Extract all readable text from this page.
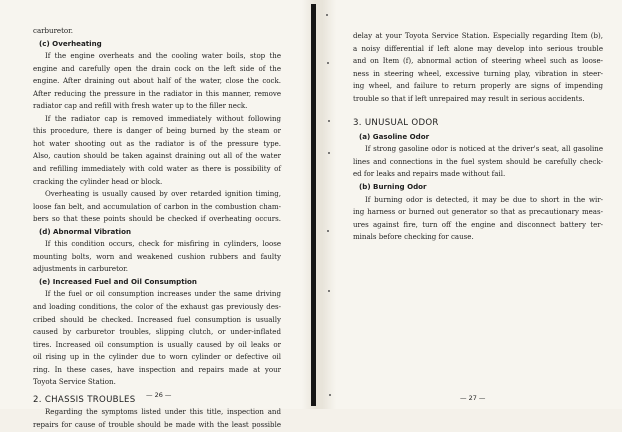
carburetor.
(c) Overheating
If the engine overheats and the cooling water boils, stop the
engine and carefully open the drain cock on the left side of the
engine. After draining out about half of the water, close the cock.
After reducing the pressure in the radiator in this manner, remove
radiator cap and refill with fresh water up to the filler neck.
If the radiator cap is removed immediately without following
this procedure, there is danger of being burned by the steam or
hot water shooting out as the radiator is of the pressure type.
Also, caution should be taken against draining out all of the water
and refilling immediately with cold water as there is possibility of
cracking the cylinder head or block.
Overheating is usually caused by over retarded ignition timing,
loose fan belt, and accumulation of carbon in the combustion cham-
bers so that these points should be checked if overheating occurs.
(d) Abnormal Vibration
If this condition occurs, check for misfiring in cylinders, loose
mounting bolts, worn and weakened cushion rubbers and faulty
adjustments in carburetor.
(e) Increased Fuel and Oil Consumption
If the fuel or oil consumption increases under the same driving
and loading conditions, the color of the exhaust gas previously des-
cribed should be checked. Increased fuel consumption is usually
caused by carburetor troubles, slipping clutch, or under-inflated
tires. Increased oil consumption is usually caused by oil leaks or
oil rising up in the cylinder due to worn cylinder or defective oil
ring. In these cases, have inspection and repairs made at your
Toyota Service Station.
2. CHASSIS TROUBLES
Regarding the symptoms listed under this title, inspection and
repairs for cause of trouble should be made with the least possible
— 26 —
delay at your Toyota Service Station. Especially regarding Item (b),
a noisy differential if left alone may develop into serious trouble
and on Item (f), abnormal action of steering wheel such as loose-
ness in steering wheel, excessive turning play, vibration in steer-
ing wheel, and failure to return properly are signs of impending
trouble so that if left unrepaired may result in serious accidents.
3. UNUSUAL ODOR
(a) Gasoline Odor
If strong gasoline odor is noticed at the driver's seat, all gasoline
lines and connections in the fuel system should be carefully check-
ed for leaks and repairs made without fail.
(b) Burning Odor
If burning odor is detected, it may be due to short in the wir-
ing harness or burned out generator so that as precautionary meas-
ures against fire, turn off the engine and disconnect battery ter-
minals before checking for cause.
— 27 —
